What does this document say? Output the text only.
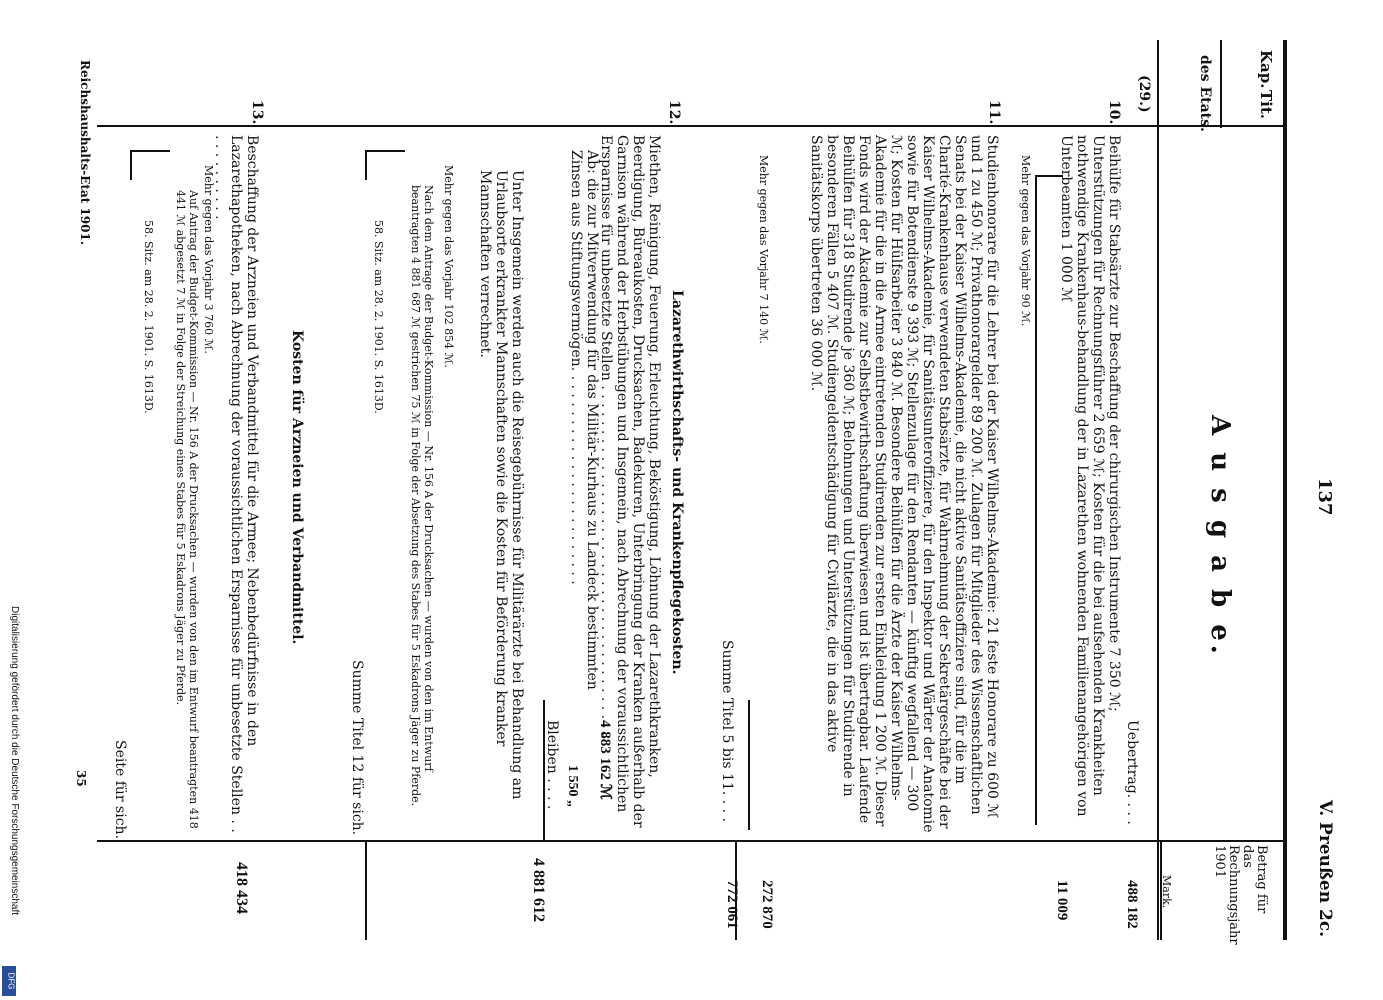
137
V. Preußen 2c.
Kap.
Tit.
des Etats.
Betrag für das Rechnungsjahr 1901
Mark.
A u s g a b e.
(29.)
10.
Uebertrag. . . .
488 182
Beihülfe für Stabsärzte zur Beschaffung der chirurgischen Instrumente 7 350 ℳ; Unterstützungen für Rechnungsführer 2 659 ℳ; Kosten für die bei aufsehenden Krankheiten nothwendige Krankenhaus-behandlung der in Lazarethen wohnenden Familienangehörigen von Unterbeamten 1 000 ℳ
Mehr gegen das Vorjahr 90 ℳ.
11 009
11.
Studienhonorare für die Lehrer bei der Kaiser Wilhelms-Akademie: 21 feste Honorare zu 600 ℳ und 1 zu 450 ℳ; Privathonorargelder 89 200 ℳ. Zulagen für Mitglieder des Wissenschaftlichen Senats bei der Kaiser Wilhelms-Akademie, die nicht aktive Sanitätsoffiziere sind, für die im Charité-Krankenhause verwendeten Stabsärzte, für Wahrnehmung der Sekretärgeschäfte bei der Kaiser Wilhelms-Akademie, für Sanitätsunteroffiziere, für den Inspektor und Wärter der Anatomie sowie für Botendienste 9 393 ℳ; Stellenzulage für den Rendanten — künftig wegfallend — 300 ℳ; Kosten für Hülfsarbeiter 3 840 ℳ. Besondere Beihülfen für die Ärzte der Kaiser Wilhelms-Akademie für die in die Armee eintretenden Studirenden zur ersten Einkleidung 1 200 ℳ. Dieser Fonds wird der Akademie zur Selbstbewirthschaftung überwiesen und ist übertragbar. Laufende Beihülfen für 318 Studirende je 360 ℳ; Belohnungen und Unterstützungen für Studirende in besonderen Fällen 5 407 ℳ. Studiengeldentschädigung für Civilärzte, die in das aktive Sanitätskorps übertreten 36 000 ℳ.
Mehr gegen das Vorjahr 7 140 ℳ.
272 870
Summe Titel 5 bis 11. . . .
772 061
12.
Lazarethwirthschafts- und Krankenpflegekosten.
Miethen, Reinigung, Feuerung, Erleuchtung, Beköstigung, Löhnung der Lazarethkranken, Beerdigung, Büreaukosten, Drucksachen, Badekuren, Unterbringung der Kranken außerhalb der Garnison während der Herbstübungen und Insgemein, nach Abrechnung der voraussichtlichen Ersparnisse für unbesetzte Stellen . . . . . . . . . . . . . . . . . . . . . . . . . . . . . . . . . . . . . . . .
4 883 162 ℳ
Ab: die zur Mitverwendung für das Militär-Kurhaus zu Landeck bestimmten Zinsen aus Stiftungsvermögen. . . . . . . . . . . . . . . . . . . . . . . . .
1 550 „
Bleiben . . . .
4 881 612
Unter Insgemein werden auch die Reisegebührnisse für Militärärzte bei Behandlung am Urlaubsorte erkrankter Mannschaften sowie die Kosten für Beförderung kranker Mannschaften verrechnet.
Mehr gegen das Vorjahr 102 854 ℳ.
Nach dem Antrage der Budget-Kommission — Nr. 156 A der Drucksachen — wurden von den im Entwurf beantragten 4 881 687 ℳ gestrichen 75 ℳ in Folge der Absetzung des Stabes für 5 Eskadrons Jäger zu Pferde.
58. Sitz. am 28. 2. 1901. S. 1613D.
Summe Titel 12 für sich.
13.
Kosten für Arzneien und Verbandmittel.
Beschaffung der Arzneien und Verbandmittel für die Armee; Nebenbedürfnisse in den Lazarethapotheken, nach Abrechnung der voraussichtlichen Ersparnisse für unbesetzte Stellen . . . . . . . . . . . .
Mehr gegen das Vorjahr 3 760 ℳ.
Auf Antrag der Budget-Kommission — Nr. 156 A der Drucksachen — wurden von den im Entwurf beantragten 418 441 ℳ abgesetzt 7 ℳ in Folge der Streichung eines Stabes für 5 Eskadrons Jäger zu Pferde.
58. Sitz. am 28. 2. 1901. S. 1613D.
418 434
Seite für sich.
Reichshaushalts-Etat 1901.
35
Digitalisierung gefördert durch die Deutsche Forschungsgemeinschaft
DFG
